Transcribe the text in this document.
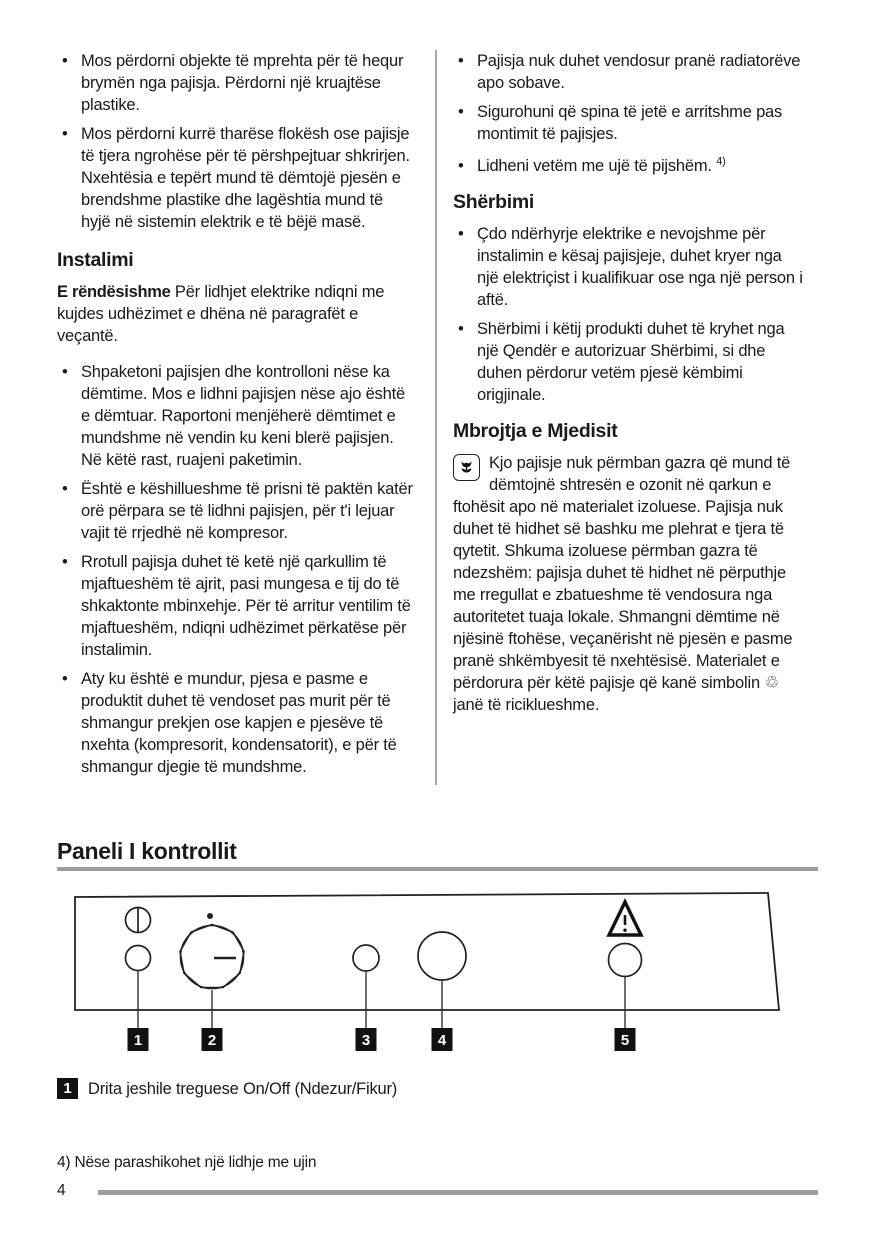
• Mos përdorni objekte të mprehta për të hequr brymën nga pajisja. Përdorni një kruajtëse plastike.
• Mos përdorni kurrë tharëse flokësh ose pajisje të tjera ngrohëse për të përshpejtuar shkrirjen. Nxehtësia e tepërt mund të dëmtojë pjesën e brendshme plastike dhe lagështia mund të hyjë në sistemin elektrik e të bëjë masë.
Instalimi

E rëndësishme Për lidhjet elektrike ndiqni me kujdes udhëzimet e dhëna në paragrafët e veçantë.

• Shpaketoni pajisjen dhe kontrolloni nëse ka dëmtime. Mos e lidhni pajisjen nëse ajo është e dëmtuar. Raportoni menjëherë dëmtimet e mundshme në vendin ku keni blerë pajisjen. Në këtë rast, ruajeni paketimin.
• Është e këshillueshme të prisni të paktën katër orë përpara se të lidhni pajisjen, për t'i lejuar vajit të rrjedhë në kompresor.
• Rrotull pajisja duhet të ketë një qarkullim të mjaftueshëm të ajrit, pasi mungesa e tij do të shkaktonte mbinxehje. Për të arritur ventilim të mjaftueshëm, ndiqni udhëzimet përkatëse për instalimin.
• Aty ku është e mundur, pjesa e pasme e produktit duhet të vendoset pas murit për të shmangur prekjen ose kapjen e pjesëve të nxehta (kompresorit, kondensatorit), e për të shmangur djegie të mundshme.
• Pajisja nuk duhet vendosur pranë radiatorëve apo sobave.
• Sigurohuni që spina të jetë e arritshme pas montimit të pajisjes.
• Lidheni vetëm me ujë të pijshëm. $^{4)}$
Shërbimi
• Çdo ndërhyrje elektrike e nevojshme për instalimin e kësaj pajisjeje, duhet kryer nga një elektriçist i kualifikuar ose nga një person i aftë.
• Shërbimi i këtij produkti duhet të kryhet nga një Qendër e autorizuar Shërbimi, si dhe duhen përdorur vetëm pjesë këmbimi origjinale.
Mbrojtja e Mjedisit

Kjo pajisje nuk përmban gazra që mund të dëmtojnë shtresën e ozonit në qarkun e ftohësit apo në materialet izoluese. Pajisja nuk duhet të hidhet së bashku me plehrat e tjera të qytetit. Shkuma izoluese përmban gazra të ndezshëm: pajisja duhet të hidhet në përputhje me rregullat e zbatueshme të vendosura nga autoritetet tuaja lokale. Shmangni dëmtime në njësinë ftohëse, veçanërisht në pjesën e pasme pranë shkëmbyesit të nxehtësisë. Materialet e përdorura për këtë pajisje që kanë simbolin ♲ janë të riciklueshme.

Paneli I kontrollit
1	2	3	4	5
1 Drita jeshile treguese On/Off (Ndezur/Fikur)
4) Nëse parashikohet një lidhje me ujin
4
